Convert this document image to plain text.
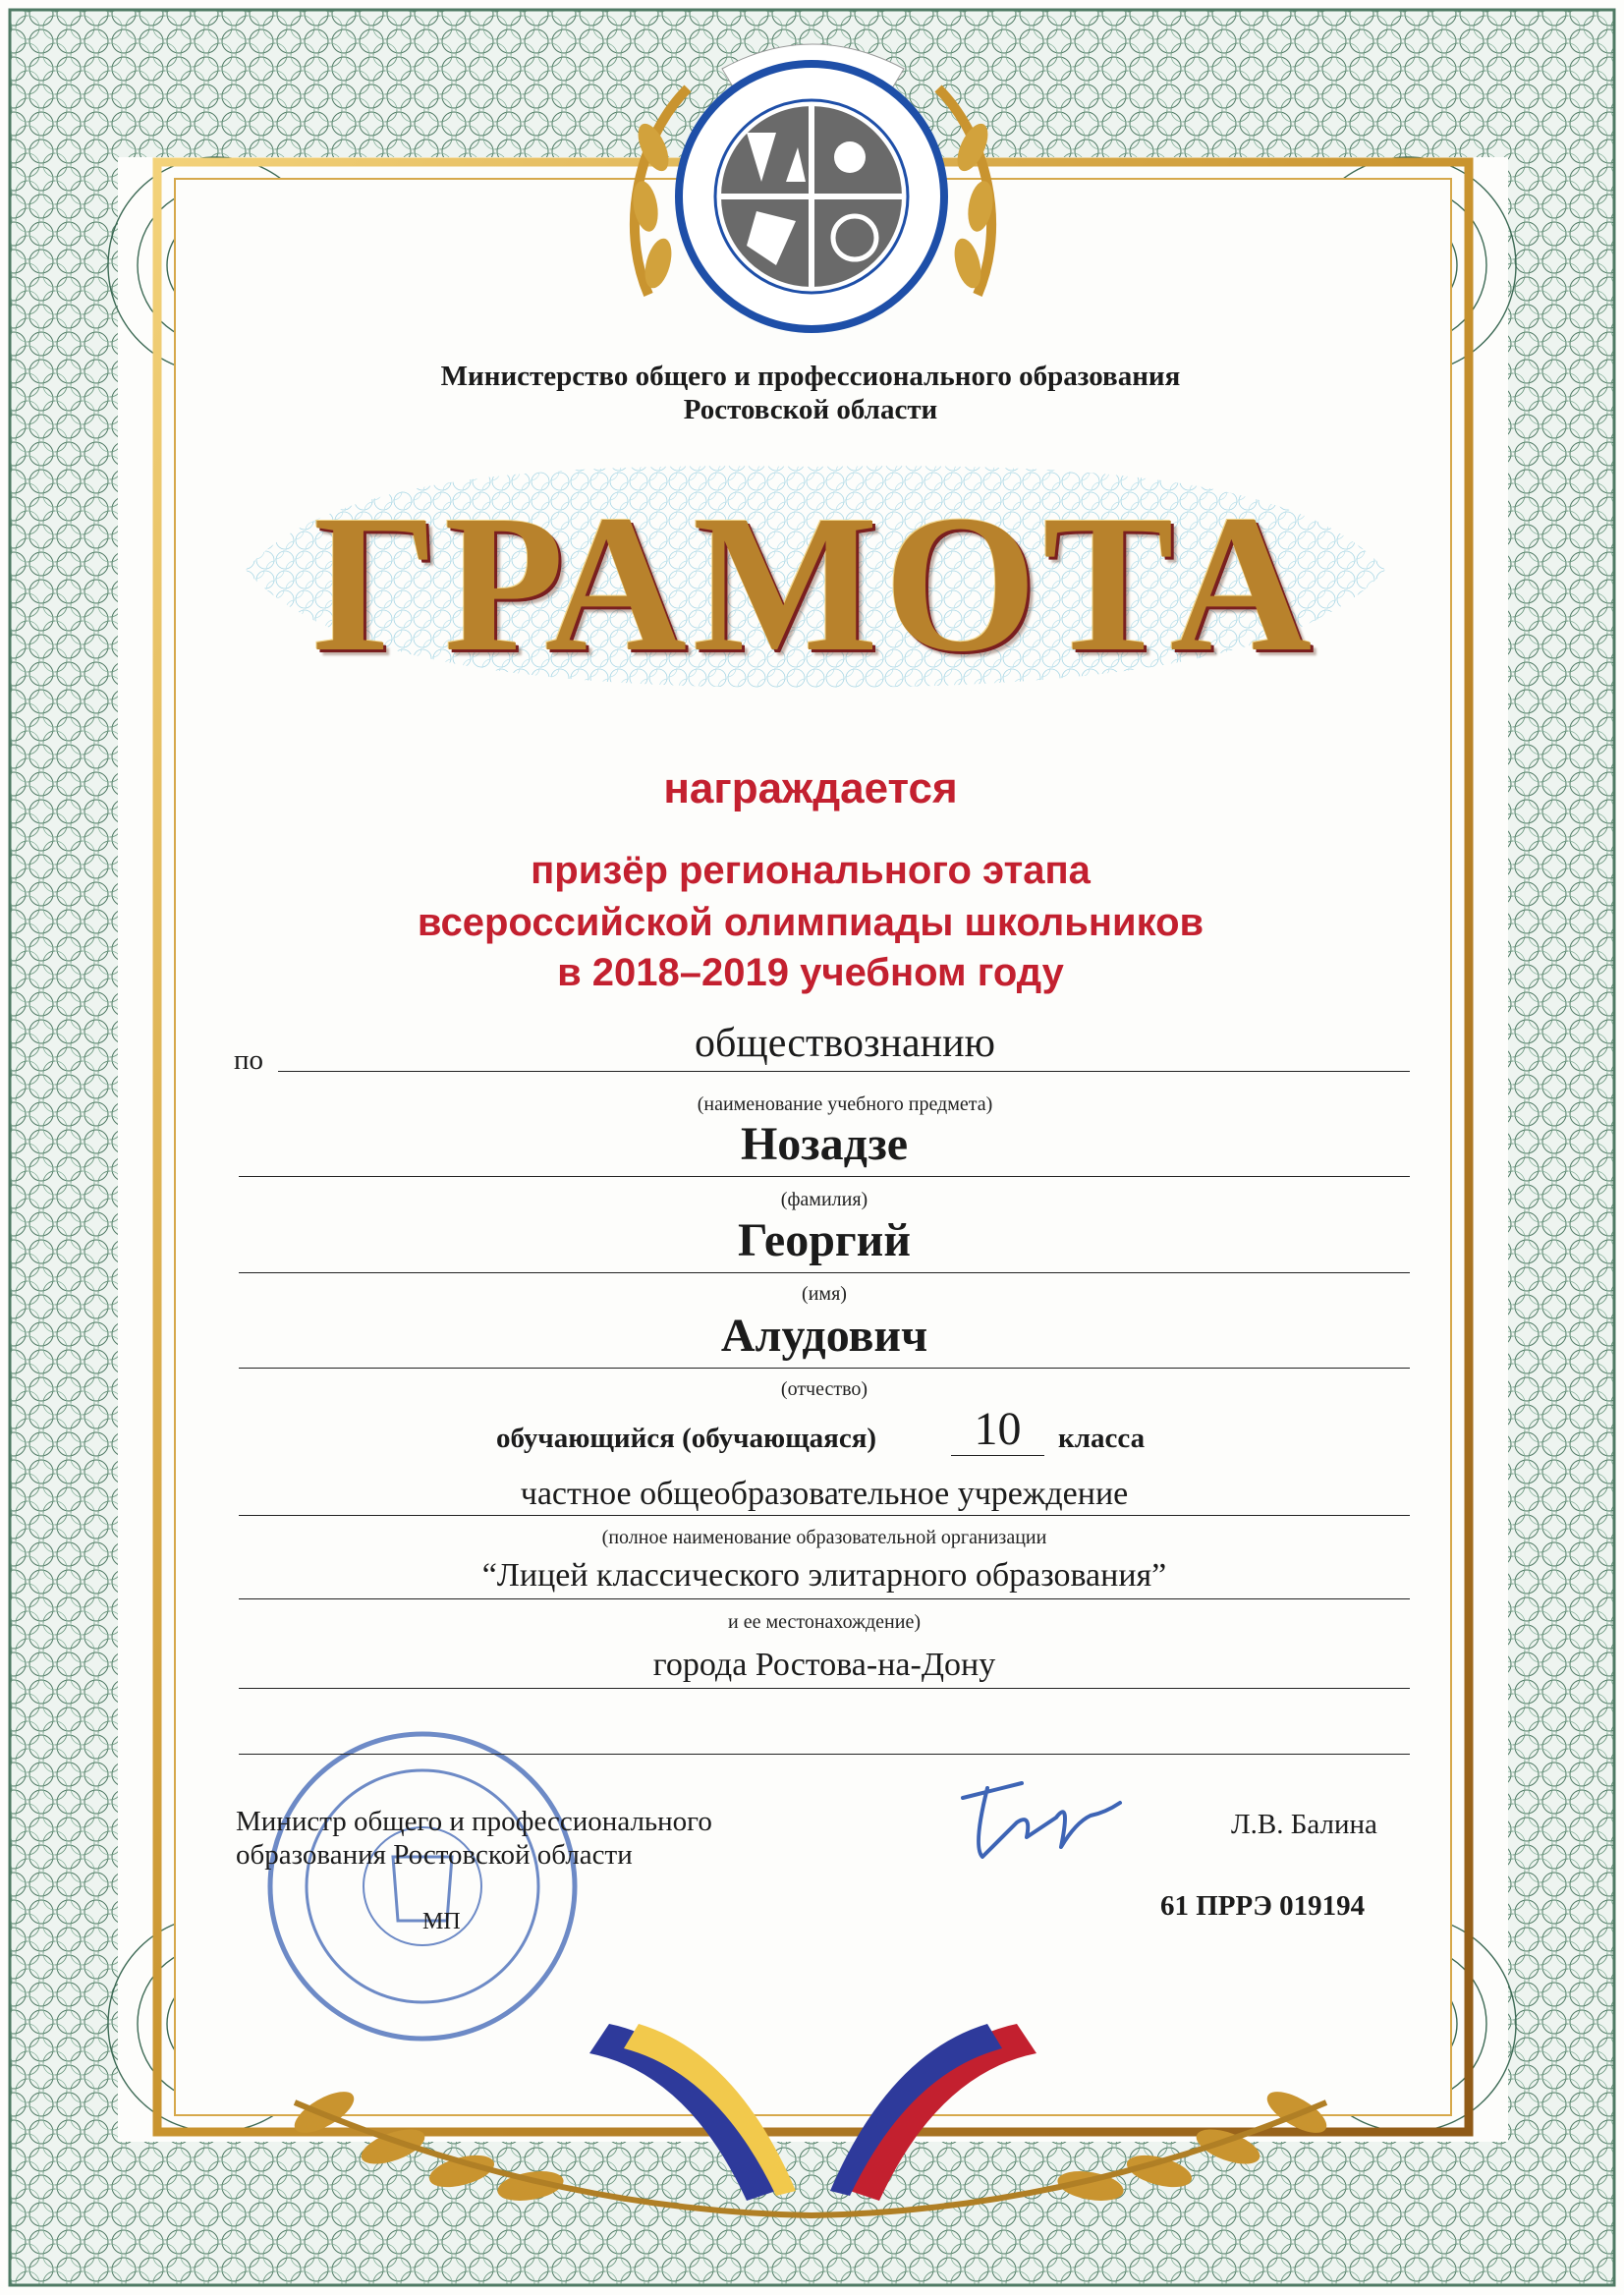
Министерство общего и профессионального образования
Ростовской области
ГРАМОТА
награждается
призёр регионального этапа
всероссийской олимпиады школьников
в 2018–2019 учебном году
по	обществознанию
(наименование учебного предмета)
Нозадзе
(фамилия)
Георгий
(имя)
Алудович
(отчество)
обучающийся (обучающаяся)	10	класса
частное общеобразовательное учреждение
(полное наименование образовательной организации
“Лицей классического элитарного образования”
и ее местонахождение)
города Ростова-на-Дону
Министр общего и профессионального
образования Ростовской области
Л.В. Балина
МП	61 ПРРЭ 019194
